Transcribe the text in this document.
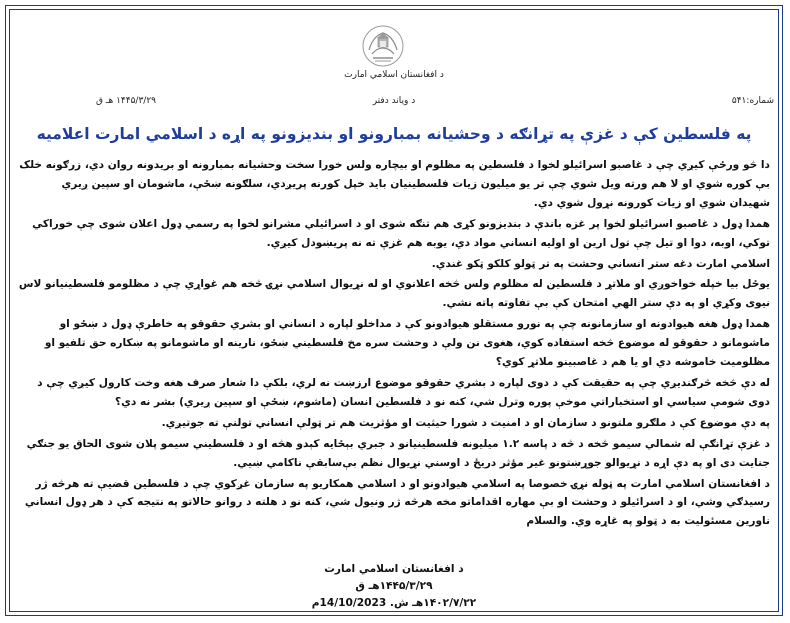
د افغانستان اسلامي امارت
شماره:۵۴۱
د ویاند دفتر
۱۴۴۵/۳/۲۹ هـ ق
په فلسطین کې د غزې په تړانګه د وحشیانه بمبارونو او بندیزونو په اړه د اسلامي امارت اعلامیه

دا څو ورځې کیږي چې د غاصبو اسرائیلو لخوا د فلسطین په مظلوم او بیچاره ولس خورا سخت وحشیانه بمبارونه او بریدونه روان دي، زرګونه خلک بې کوره شوي او لا هم ورته ویل شوي چې تر یو میلیون زیات فلسطینیان باید خپل کورنه پریږدي، سلګونه ښځې، ماشومان او سپین ږیري شهیدان شوي او زیات کورونه نړول شوي دي.

همدا ډول د غاصبو اسرائیلو لخوا پر غزه باندې د بندیزونو کړی هم تنګه شوی او د اسرائیلي مشرانو لخوا په رسمي ډول اعلان شوی چې خوراکي توکي، اوبه، دوا او تیل چې تول ارین او اولیه انساني مواد دي، یوبه هم غزې ته نه پریښودل کیږي.

اسلامي امارت دغه ستر انساني وحشت په تر ټولو کلکو ټکو غندي.

یوځل بیا خپله خواخوږي او ملاتړ د فلسطین له مظلوم ولس څخه اعلانوي او له نړیوال اسلامي نړۍ څخه هم غواړي چې د مظلومو فلسطینیانو لاس نیوی وکړي او په دې ستر الهي امتحان کې بې تفاوته پاته نشي.

همدا ډول هغه هیوادونه او سازمانونه چې په نورو مستقلو هیوادونو کې د مداخلو لپاره د انساني او بشري حقوقو په خاطرې ډول د ښځو او ماشومانو د حقوقو له موضوع څخه استفاده کوي، هغوی نن ولې د وحشت سره مخ فلسطیني ښځو، نارینه او ماشومانو په ښکاره حق تلفیو او مظلومیت خاموشه دي او یا هم د غاصبینو ملاتړ کوي؟

له دې څخه څرګندیږي چې په حقیقت کې د دوی لپاره د بشري حقوقو موضوع ارزښت نه لري، بلکې دا شعار صرف هغه وخت کارول کیږي چې د دوی شومې سیاسي او استخباراتي موخې پوره وترل شي، کنه نو د فلسطین انسان (ماشوم، ښځې او سپین ږیري) بشر نه دي؟

په دې موضوع کې د ملګرو ملتونو د سازمان او د امنیت د شورا حیثیت او مؤثریت هم تر ټولې انساني تولنې ته جوتیږي.

د غزې تړانګې له شمالي سیمو څخه د څه د پاسه ۱.۲ میلیونه فلسطینیانو د جبري بېځایه کېدو هڅه او د فلسطیني سیمو پلان شوی الحاق یو جنګي جنایت دی او په دې اړه د نړیوالو جوړښتونو غیر مؤثر دریځ د اوسني نړیوال نظم بې‌سابقې ناکامي ښیي.

د افغانستان اسلامي امارت په ټوله نړۍ خصوصا په اسلامي هیوادونو او د اسلامي همکاریو په سازمان غږکوي چې د فلسطین قضیې ته هرڅه ژر رسیدګي وشي، او د اسرائیلو د وحشت او بې مهاره اقداماتو مخه هرڅه ژر ونیول شي، کنه نو د هلته د روانو حالاتو په نتیجه کې د هر ډول انساني ناورین مسئولیت به د ټولو په غاړه وي. والسلام

د افغانستان اسلامي امارت
۱۴۴۵/۳/۲۹هـ ق
۱۴۰۲/۷/۲۲هـ ش. 14/10/2023م
